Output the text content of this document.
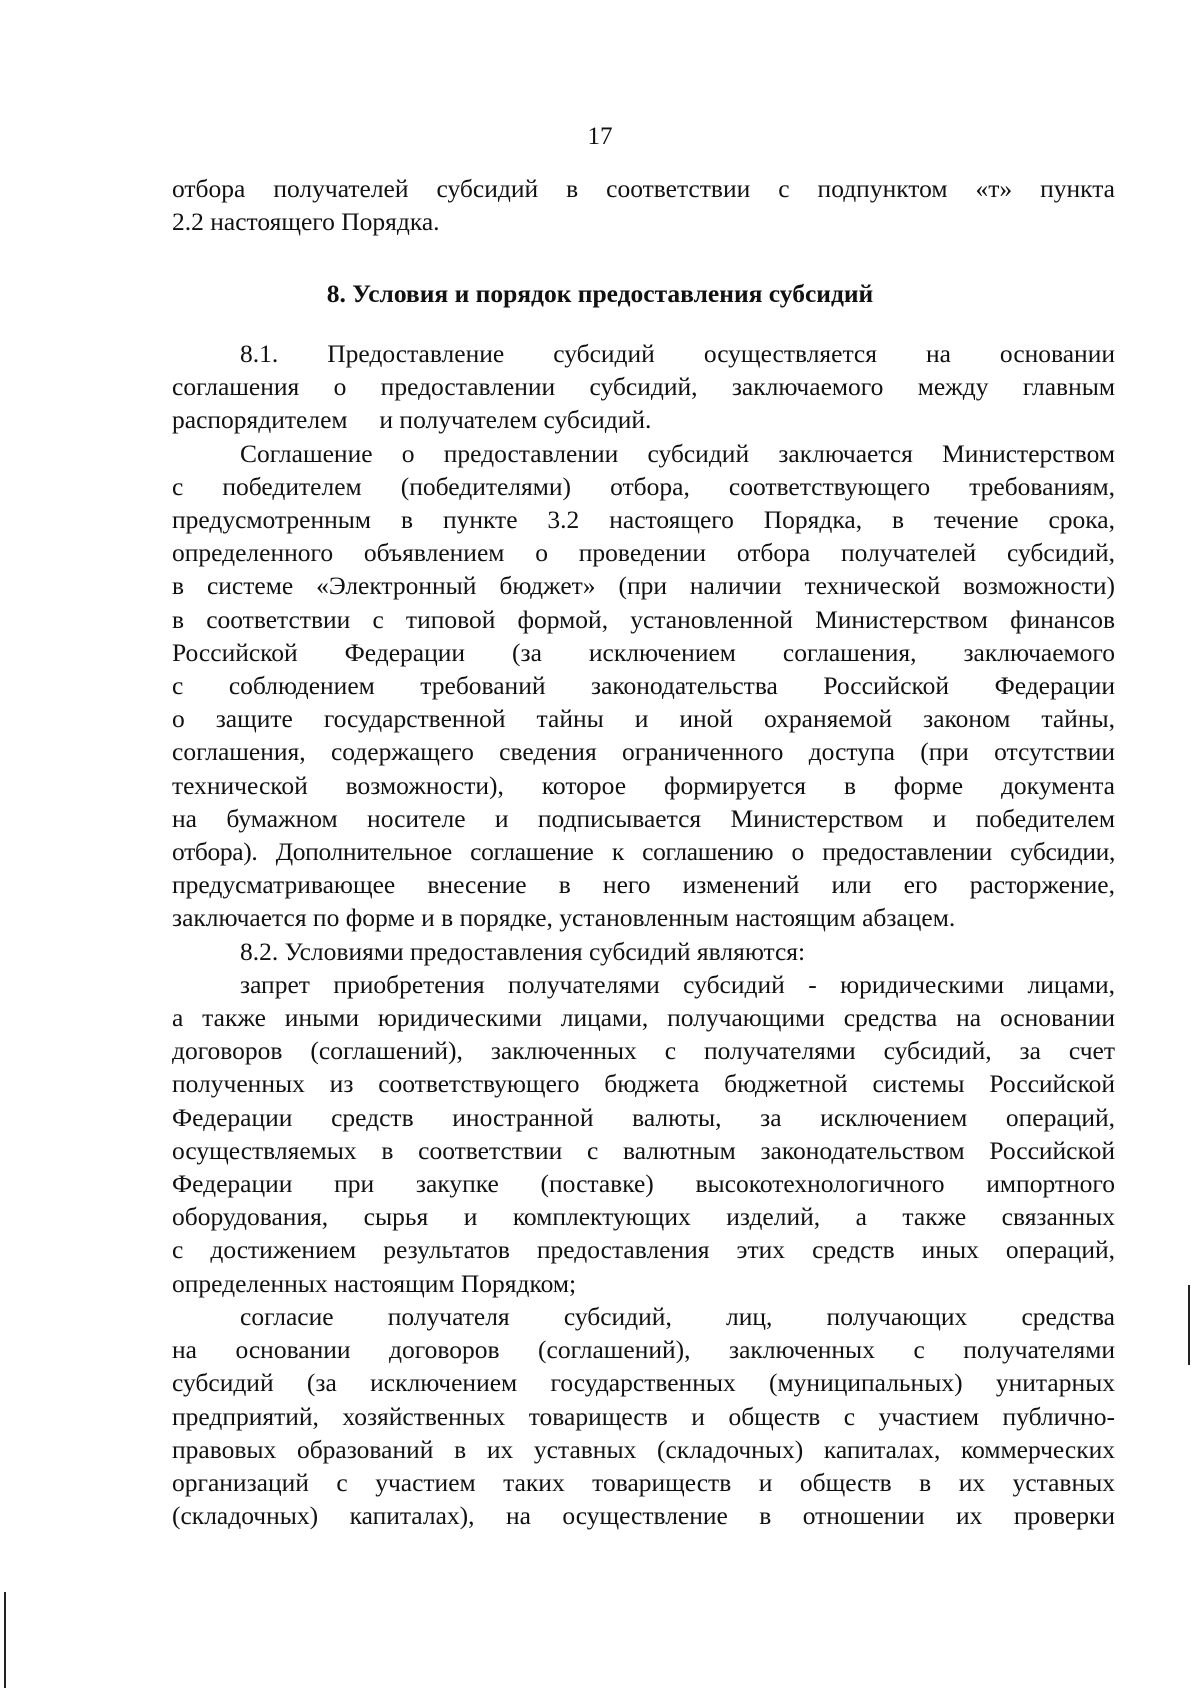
17
отбора получателей субсидий в соответствии с подпунктом «т» пункта
2.2 настоящего Порядка.
8. Условия и порядок предоставления субсидий
8.1. Предоставление субсидий осуществляется на основании
соглашения о предоставлении субсидий, заключаемого между главным
распорядителем     и получателем субсидий.
Соглашение о предоставлении субсидий заключается Министерством
с победителем (победителями) отбора, соответствующего требованиям,
предусмотренным в пункте 3.2 настоящего Порядка, в течение срока,
определенного объявлением о проведении отбора получателей субсидий,
в системе «Электронный бюджет» (при наличии технической возможности)
в соответствии с типовой формой, установленной Министерством финансов
Российской Федерации (за исключением соглашения, заключаемого
с соблюдением требований законодательства Российской Федерации
о защите государственной тайны и иной охраняемой законом тайны,
соглашения, содержащего сведения ограниченного доступа (при отсутствии
технической возможности), которое формируется в форме документа
на бумажном носителе и подписывается Министерством и победителем
отбора). Дополнительное соглашение к соглашению о предоставлении субсидии,
предусматривающее внесение в него изменений или его расторжение,
заключается по форме и в порядке, установленным настоящим абзацем.
8.2. Условиями предоставления субсидий являются:
запрет приобретения получателями субсидий - юридическими лицами,
а также иными юридическими лицами, получающими средства на основании
договоров (соглашений), заключенных с получателями субсидий, за счет
полученных из соответствующего бюджета бюджетной системы Российской
Федерации средств иностранной валюты, за исключением операций,
осуществляемых в соответствии с валютным законодательством Российской
Федерации при закупке (поставке) высокотехнологичного импортного
оборудования, сырья и комплектующих изделий, а также связанных
с достижением результатов предоставления этих средств иных операций,
определенных настоящим Порядком;
согласие получателя субсидий, лиц, получающих средства
на основании договоров (соглашений), заключенных с получателями
субсидий (за исключением государственных (муниципальных) унитарных
предприятий, хозяйственных товариществ и обществ с участием публично-
правовых образований в их уставных (складочных) капиталах, коммерческих
организаций с участием таких товариществ и обществ в их уставных
(складочных) капиталах), на осуществление в отношении их проверки
